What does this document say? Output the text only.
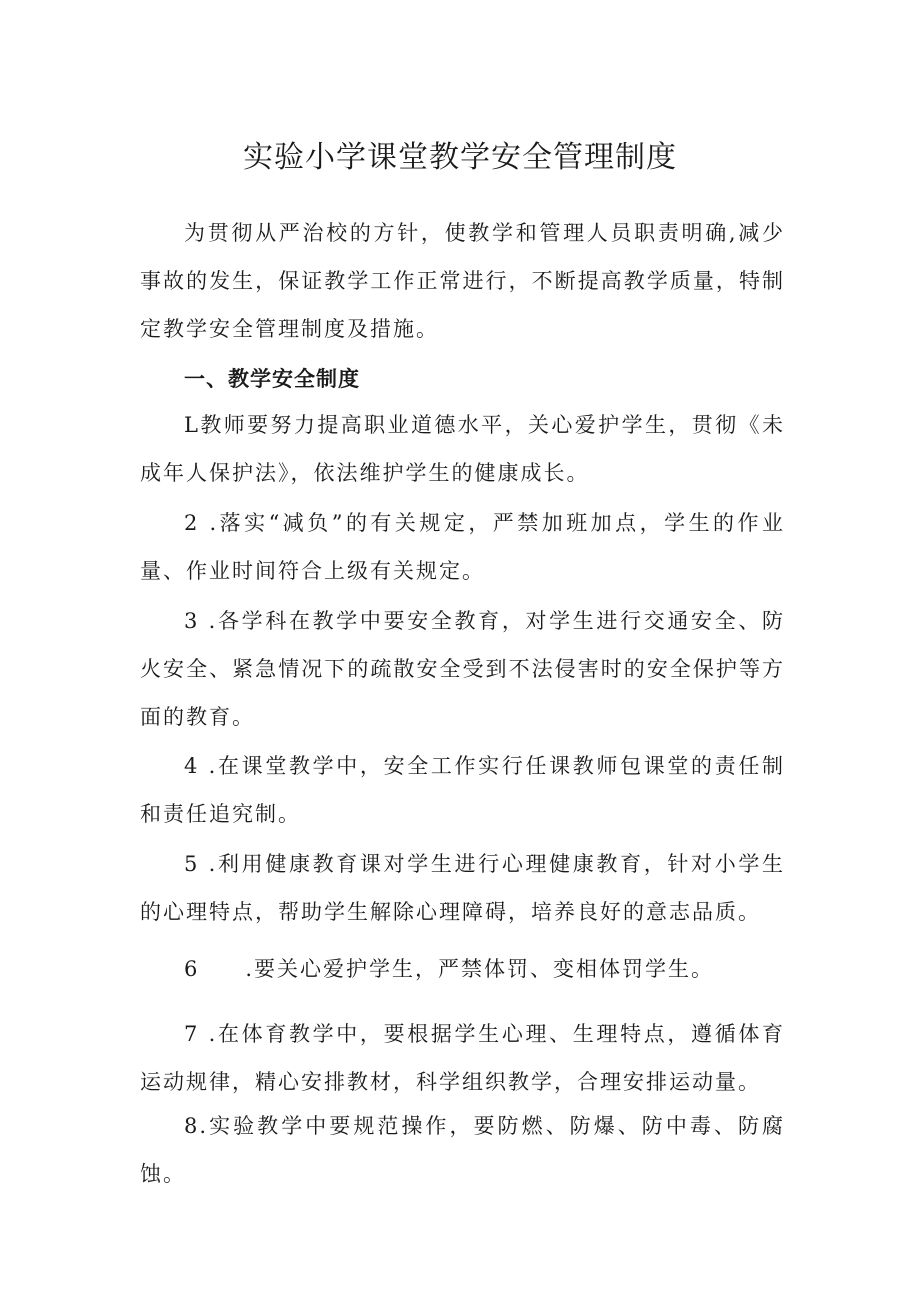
实验小学课堂教学安全管理制度

为贯彻从严治校的方针，使教学和管理人员职责明确,减少事故的发生，保证教学工作正常进行，不断提高教学质量，特制定教学安全管理制度及措施。

一、教学安全制度

L教师要努力提高职业道德水平，关心爱护学生，贯彻《未 成年人保护法》，依法维护学生的健康成长。

2 .落实“减负”的有关规定，严禁加班加点，学生的作业量、作业时间符合上级有关规定。

3 .各学科在教学中要安全教育，对学生进行交通安全、防火安全、紧急情况下的疏散安全受到不法侵害时的安全保护等方面的教育。

4 .在课堂教学中，安全工作实行任课教师包课堂的责任制和责任追究制。

5 .利用健康教育课对学生进行心理健康教育，针对小学生的心理特点，帮助学生解除心理障碍，培养良好的意志品质。

6　　.要关心爱护学生，严禁体罚、变相体罚学生。

7 .在体育教学中，要根据学生心理、生理特点，遵循体育运动规律，精心安排教材，科学组织教学，合理安排运动量。

8.实验教学中要规范操作，要防燃、防爆、防中毒、防腐蚀。
